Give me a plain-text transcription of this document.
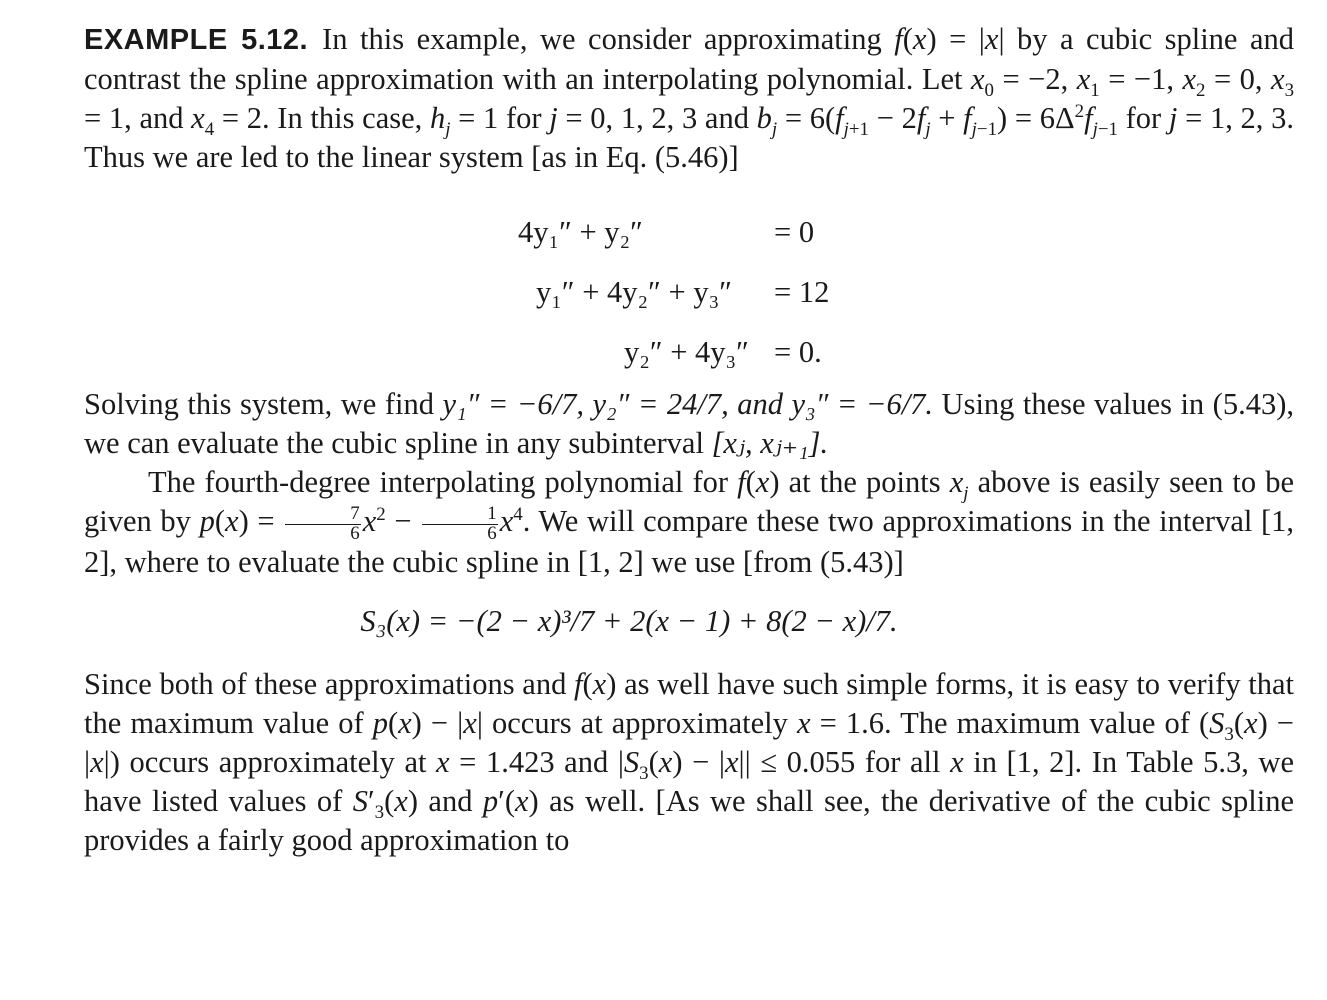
EXAMPLE 5.12. In this example, we consider approximating f(x) = |x| by a cubic spline and contrast the spline approximation with an interpolating polynomial. Let $x_0 = -2$, $x_1 = -1$, $x_2 = 0$, $x_3 = 1$, and $x_4 = 2$. In this case, $h_j = 1$ for j = 0, 1, 2, 3 and $b_j = 6(f_{j+1} - 2f_j + f_{j-1}) = 6\Delta^2f_{j-1}$ for j = 1, 2, 3. Thus we are led to the linear system [as in Eq. (5.46)]

4y₁″ + y₂″	= 0
y₁″ + 4y₂″ + y₃″ = 12
y₂″ + 4y₃″ = 0.

Solving this system, we find y₁″ = −6/7, y₂″ = 24/7, and y₃″ = −6/7. Using these values in (5.43), we can evaluate the cubic spline in any subinterval [xⱼ, xⱼ₊₁].

The fourth-degree interpolating polynomial for f(x) at the points $x_j$ above is easily seen to be given by $p(x) = \frac{7}{6} x^2 - \frac{1}{6} x^4$. We will compare these two approximations in the interval [1, 2], where to evaluate the cubic spline in [1, 2] we use [from (5.43)]

S₃(x) = −(2 − x)³/7 + 2(x − 1) + 8(2 − x)/7.

Since both of these approximations and f(x) as well have such simple forms, it is easy to verify that the maximum value of p(x) − |x| occurs at approximately x = 1.6. The maximum value of $(S_3(x) - |x|)$ occurs approximately at x = 1.423 and $|S_3(x) - |x|| \le 0.055$ for all x in [1, 2]. In Table 5.3, we have listed values of $S'_3(x)$ and p′(x) as well. [As we shall see, the derivative of the cubic spline provides a fairly good approximation to
